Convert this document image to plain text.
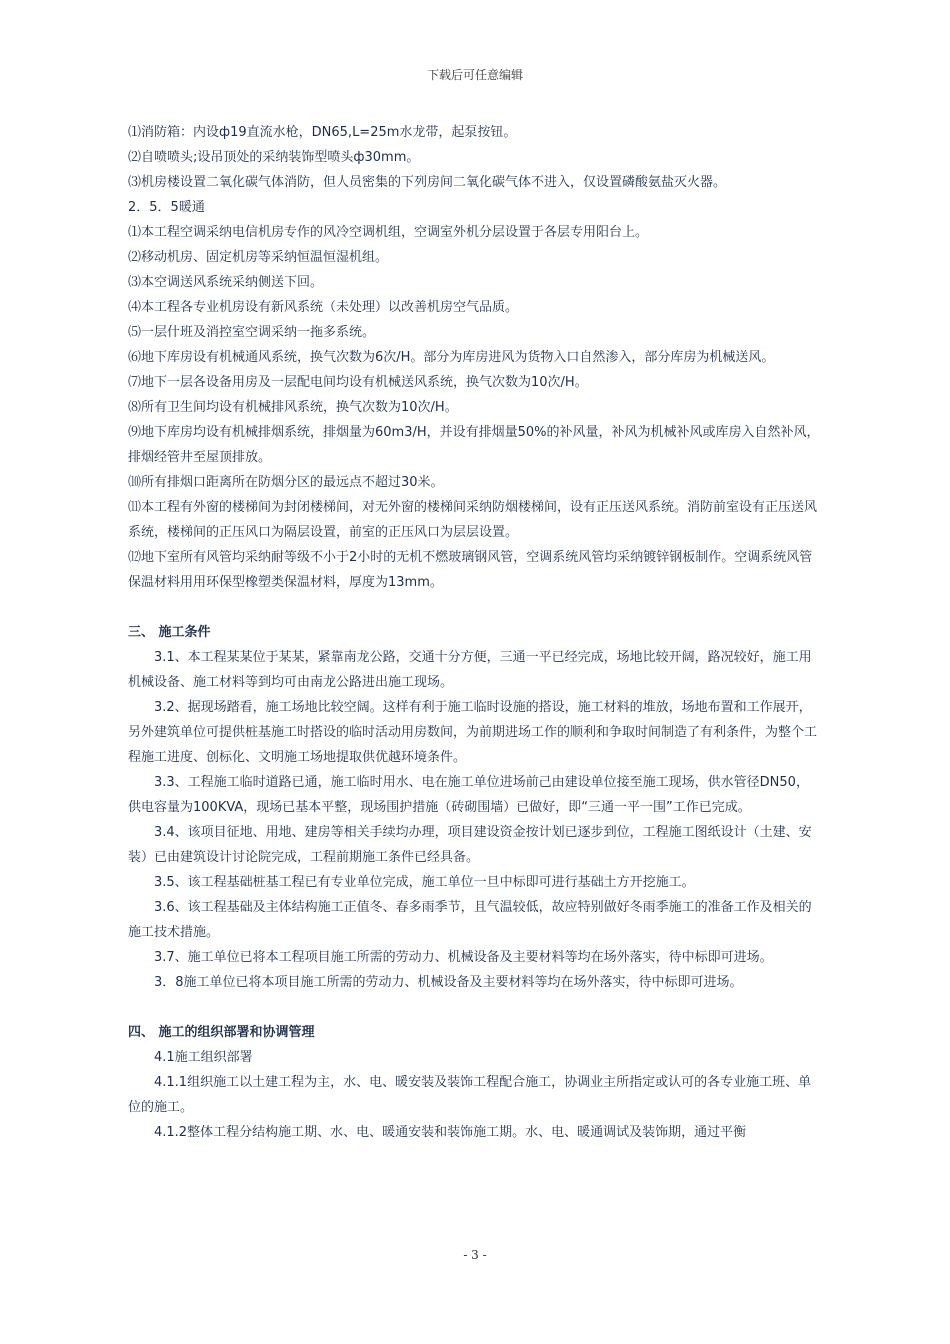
下载后可任意编辑

⑴消防箱：内设ф19直流水枪，DN65,L=25m水龙带，起泵按钮。

⑵自喷喷头;设吊顶处的采纳装饰型喷头ф30mm。

⑶机房楼设置二氧化碳气体消防，但人员密集的下列房间二氧化碳气体不进入，仅设置磷酸氨盐灭火器。

2．5．5暖通

⑴本工程空调采纳电信机房专作的风冷空调机组，空调室外机分层设置于各层专用阳台上。

⑵移动机房、固定机房等采纳恒温恒湿机组。

⑶本空调送风系统采纳侧送下回。

⑷本工程各专业机房设有新风系统（未处理）以改善机房空气品质。

⑸一层什班及消控室空调采纳一拖多系统。

⑹地下库房设有机械通风系统，换气次数为6次/H。部分为库房进风为货物入口自然渗入，部分库房为机械送风。

⑺地下一层各设备用房及一层配电间均设有机械送风系统，换气次数为10次/H。

⑻所有卫生间均设有机械排风系统，换气次数为10次/H。

⑼地下库房均设有机械排烟系统，排烟量为60m3/H，并设有排烟量50%的补风量，补风为机械补风或库房入自然补风，排烟经管井至屋顶排放。

⑽所有排烟口距离所在防烟分区的最远点不超过30米。

⑾本工程有外窗的楼梯间为封闭楼梯间，对无外窗的楼梯间采纳防烟楼梯间，设有正压送风系统。消防前室设有正压送风系统，楼梯间的正压风口为隔层设置，前室的正压风口为层层设置。

⑿地下室所有风管均采纳耐等级不小于2小时的无机不燃玻璃钢风管，空调系统风管均采纳镀锌钢板制作。空调系统风管保温材料用用环保型橡塑类保温材料，厚度为13mm。

三、 施工条件

3.1、本工程某某位于某某，紧靠南龙公路，交通十分方便，三通一平已经完成，场地比较开阔，路况较好，施工用机械设备、施工材料等到均可由南龙公路进出施工现场。

3.2、据现场踏看，施工场地比较空阔。这样有利于施工临时设施的搭设，施工材料的堆放，场地布置和工作展开，另外建筑单位可提供桩基施工时搭设的临时活动用房数间，为前期进场工作的顺利和争取时间制造了有利条件，为整个工程施工进度、创标化、文明施工场地提取供优越环境条件。

3.3、工程施工临时道路已通，施工临时用水、电在施工单位进场前己由建设单位接至施工现场，供水管径DN50，供电容量为100KVA，现场已基本平整，现场围护措施（砖砌围墙）已做好，即“三通一平一围”工作已完成。

3.4、该项目征地、用地、建房等相关手续均办理，项目建设资金按计划已逐步到位，工程施工图纸设计（土建、安装）已由建筑设计讨论院完成，工程前期施工条件已经具备。

3.5、该工程基础桩基工程已有专业单位完成，施工单位一旦中标即可进行基础土方开挖施工。

3.6、该工程基础及主体结构施工正值冬、春多雨季节，且气温较低，故应特别做好冬雨季施工的准备工作及相关的施工技术措施。

3.7、施工单位已将本工程项目施工所需的劳动力、机械设备及主要材料等均在场外落实，待中标即可进场。

3．8施工单位已将本项目施工所需的劳动力、机械设备及主要材料等均在场外落实，待中标即可进场。

四、 施工的组织部署和协调管理

4.1施工组织部署

4.1.1组织施工以土建工程为主，水、电、暖安装及装饰工程配合施工，协调业主所指定或认可的各专业施工班、单位的施工。

4.1.2整体工程分结构施工期、水、电、暖通安装和装饰施工期。水、电、暖通调试及装饰期，通过平衡

- 3 -
